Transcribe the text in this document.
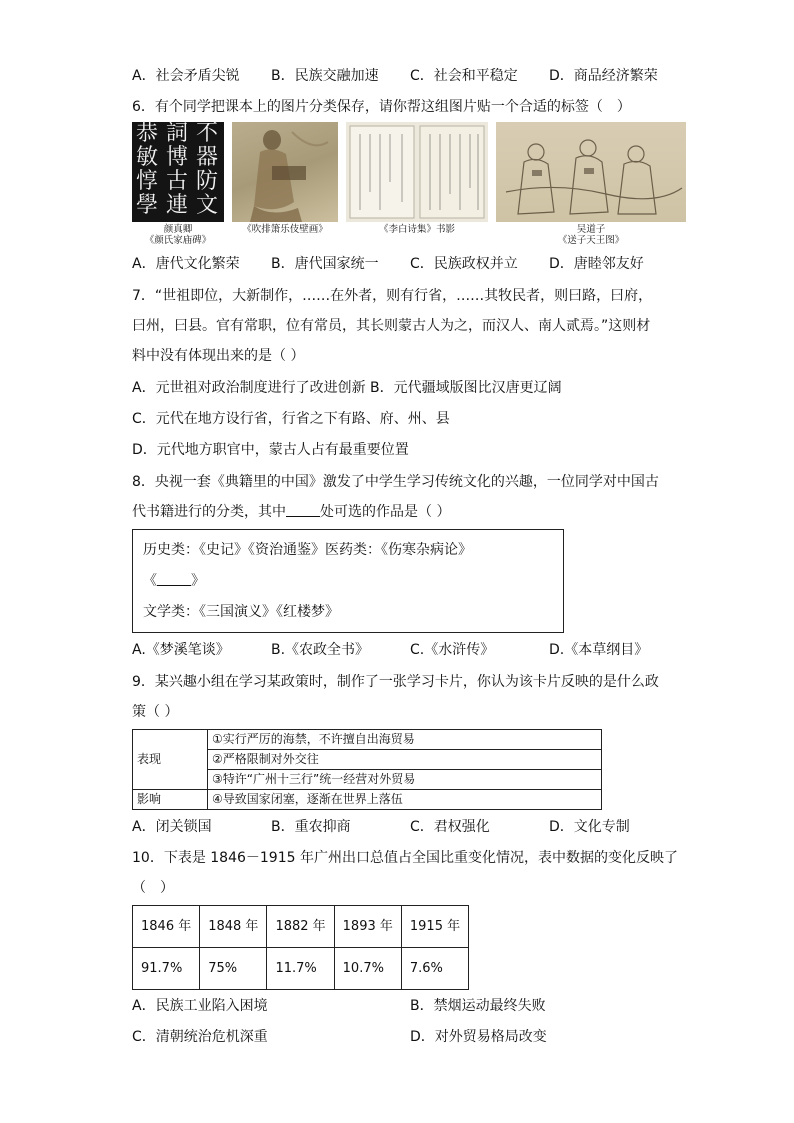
A．社会矛盾尖锐 B．民族交融加速 C．社会和平稳定 D．商品经济繁荣
6．有个同学把课本上的图片分类保存，请你帮这组图片贴一个合适的标签（　）
不
器
防
文
詞
博
古
連
恭
敏
惇
學
颜真卿
《颜氏家庙碑》
《吹排箫乐伎壁画》	《李白诗集》书影	吴道子
《送子天王图》
A．唐代文化繁荣 B．唐代国家统一 C．民族政权并立 D．唐睦邻友好
7．“世祖即位，大新制作，……在外者，则有行省，……其牧民者，则曰路，曰府，
曰州，曰县。官有常职，位有常员，其长则蒙古人为之，而汉人、南人贰焉。”这则材
料中没有体现出来的是（ ）
A．元世祖对政治制度进行了改进创新 B．元代疆域版图比汉唐更辽阔
C．元代在地方设行省，行省之下有路、府、州、县
D．元代地方职官中，蒙古人占有最重要位置
8．央视一套《典籍里的中国》激发了中学生学习传统文化的兴趣，一位同学对中国古
代书籍进行的分类，其中 处可选的作品是（ ）
历史类：《史记》《资治通鉴》医药类：《伤寒杂病论》
《 》
文学类：《三国演义》《红楼梦》
A.《梦溪笔谈》	B.《农政全书》	C.《水浒传》	D.《本草纲目》
9．某兴趣小组在学习某政策时，制作了一张学习卡片，你认为该卡片反映的是什么政
策（ ）
表现	①实行严厉的海禁，不许擅自出海贸易
	②严格限制对外交往
	③特许“广州十三行”统一经营对外贸易
影响	④导致国家闭塞，逐渐在世界上落伍
A．闭关锁国	B．重农抑商	C．君权强化	D．文化专制
10．下表是 1846－1915 年广州出口总值占全国比重变化情况，表中数据的变化反映了
（　）
1846 年	1848 年	1882 年	1893 年	1915 年
91.7%	75%	11.7%	10.7%	7.6%
A．民族工业陷入困境	B．禁烟运动最终失败
C．清朝统治危机深重	D．对外贸易格局改变
